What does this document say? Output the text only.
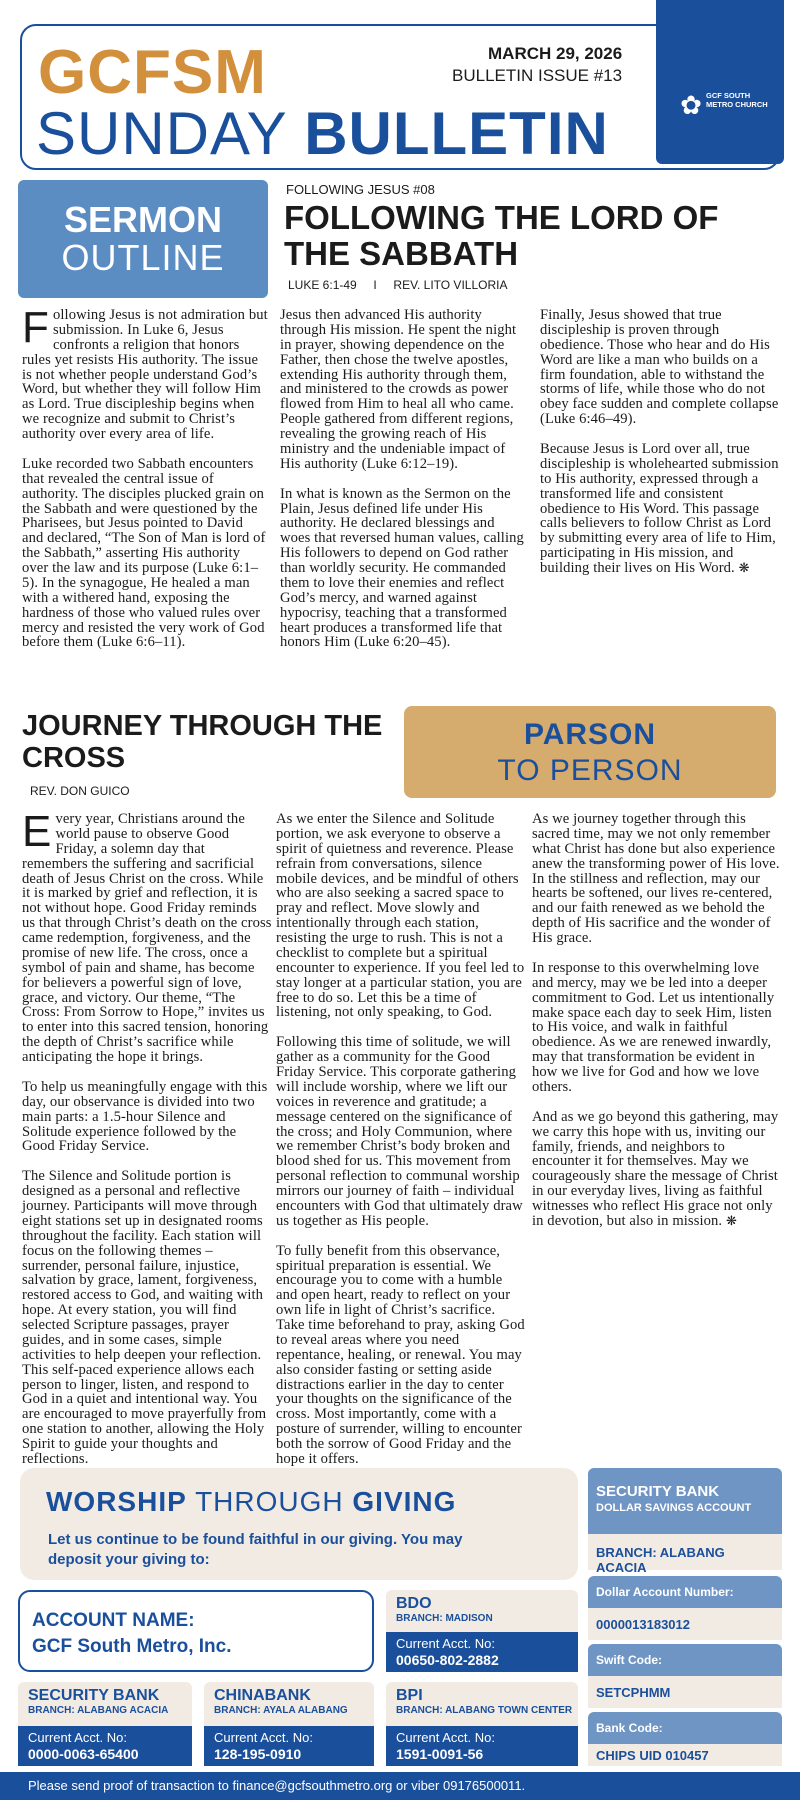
GCFSM
SUNDAY BULLETIN
MARCH 29, 2026
BULLETIN ISSUE #13
✿ GCF SOUTH METRO CHURCH
SERMON
OUTLINE
FOLLOWING JESUS #08
FOLLOWING THE LORD OF THE SABBATH
LUKE 6:1-49 I REV. LITO VILLORIA

Following Jesus is not admiration but submission. In Luke 6, Jesus confronts a religion that honors rules yet resists His authority. The issue is not whether people understand God’s Word, but whether they will follow Him as Lord. True discipleship begins when we recognize and submit to Christ’s authority over every area of life.

Luke recorded two Sabbath encounters that revealed the central issue of authority. The disciples plucked grain on the Sabbath and were questioned by the Pharisees, but Jesus pointed to David and declared, “The Son of Man is lord of the Sabbath,” asserting His authority over the law and its purpose (Luke 6:1–5). In the synagogue, He healed a man with a withered hand, exposing the hardness of those who valued rules over mercy and resisted the very work of God before them (Luke 6:6–11).

Jesus then advanced His authority through His mission. He spent the night in prayer, showing dependence on the Father, then chose the twelve apostles, extending His authority through them, and ministered to the crowds as power flowed from Him to heal all who came. People gathered from different regions, revealing the growing reach of His ministry and the undeniable impact of His authority (Luke 6:12–19).

In what is known as the Sermon on the Plain, Jesus defined life under His authority. He declared blessings and woes that reversed human values, calling His followers to depend on God rather than worldly security. He commanded them to love their enemies and reflect God’s mercy, and warned against hypocrisy, teaching that a transformed heart produces a transformed life that honors Him (Luke 6:20–45).

Finally, Jesus showed that true discipleship is proven through obedience. Those who hear and do His Word are like a man who builds on a firm foundation, able to withstand the storms of life, while those who do not obey face sudden and complete collapse (Luke 6:46–49).

Because Jesus is Lord over all, true discipleship is wholehearted submission to His authority, expressed through a transformed life and consistent obedience to His Word. This passage calls believers to follow Christ as Lord by submitting every area of life to Him, participating in His mission, and building their lives on His Word. ❋

JOURNEY THROUGH THE CROSS
REV. DON GUICO
PARSON
TO PERSON

Every year, Christians around the world pause to observe Good Friday, a solemn day that remembers the suffering and sacrificial death of Jesus Christ on the cross. While it is marked by grief and reflection, it is not without hope. Good Friday reminds us that through Christ’s death on the cross came redemption, forgiveness, and the promise of new life. The cross, once a symbol of pain and shame, has become for believers a powerful sign of love, grace, and victory. Our theme, “The Cross: From Sorrow to Hope,” invites us to enter into this sacred tension, honoring the depth of Christ’s sacrifice while anticipating the hope it brings.

To help us meaningfully engage with this day, our observance is divided into two main parts: a 1.5-hour Silence and Solitude experience followed by the Good Friday Service.

The Silence and Solitude portion is designed as a personal and reflective journey. Participants will move through eight stations set up in designated rooms throughout the facility. Each station will focus on the following themes – surrender, personal failure, injustice, salvation by grace, lament, forgiveness, restored access to God, and waiting with hope. At every station, you will find selected Scripture passages, prayer guides, and in some cases, simple activities to help deepen your reflection. This self-paced experience allows each person to linger, listen, and respond to God in a quiet and intentional way. You are encouraged to move prayerfully from one station to another, allowing the Holy Spirit to guide your thoughts and reflections.

As we enter the Silence and Solitude portion, we ask everyone to observe a spirit of quietness and reverence. Please refrain from conversations, silence mobile devices, and be mindful of others who are also seeking a sacred space to pray and reflect. Move slowly and intentionally through each station, resisting the urge to rush. This is not a checklist to complete but a spiritual encounter to experience. If you feel led to stay longer at a particular station, you are free to do so. Let this be a time of listening, not only speaking, to God.

Following this time of solitude, we will gather as a community for the Good Friday Service. This corporate gathering will include worship, where we lift our voices in reverence and gratitude; a message centered on the significance of the cross; and Holy Communion, where we remember Christ’s body broken and blood shed for us. This movement from personal reflection to communal worship mirrors our journey of faith – individual encounters with God that ultimately draw us together as His people.

To fully benefit from this observance, spiritual preparation is essential. We encourage you to come with a humble and open heart, ready to reflect on your own life in light of Christ’s sacrifice. Take time beforehand to pray, asking God to reveal areas where you need repentance, healing, or renewal. You may also consider fasting or setting aside distractions earlier in the day to center your thoughts on the significance of the cross. Most importantly, come with a posture of surrender, willing to encounter both the sorrow of Good Friday and the hope it offers.

As we journey together through this sacred time, may we not only remember what Christ has done but also experience anew the transforming power of His love. In the stillness and reflection, may our hearts be softened, our lives re-centered, and our faith renewed as we behold the depth of His sacrifice and the wonder of His grace.

In response to this overwhelming love and mercy, may we be led into a deeper commitment to God. Let us intentionally make space each day to seek Him, listen to His voice, and walk in faithful obedience. As we are renewed inwardly, may that transformation be evident in how we live for God and how we love others.

And as we go beyond this gathering, may we carry this hope with us, inviting our family, friends, and neighbors to encounter it for themselves. May we courageously share the message of Christ in our everyday lives, living as faithful witnesses who reflect His grace not only in devotion, but also in mission. ❋

WORSHIP THROUGH GIVING
Let us continue to be found faithful in our giving. You may deposit your giving to:
ACCOUNT NAME:
GCF South Metro, Inc.
BDO
BRANCH: MADISON
Current Acct. No:
00650-802-2882
SECURITY BANK
BRANCH: ALABANG ACACIA
Current Acct. No:
0000-0063-65400
CHINABANK
BRANCH: AYALA ALABANG
Current Acct. No:
128-195-0910
BPI
BRANCH: ALABANG TOWN CENTER
Current Acct. No:
1591-0091-56
SECURITY BANK
DOLLAR SAVINGS ACCOUNT
BRANCH: ALABANG ACACIA
Dollar Account Number:
0000013183012
Swift Code:
SETCPHMM
Bank Code:
CHIPS UID 010457
Please send proof of transaction to finance@gcfsouthmetro.org or viber 09176500011.
